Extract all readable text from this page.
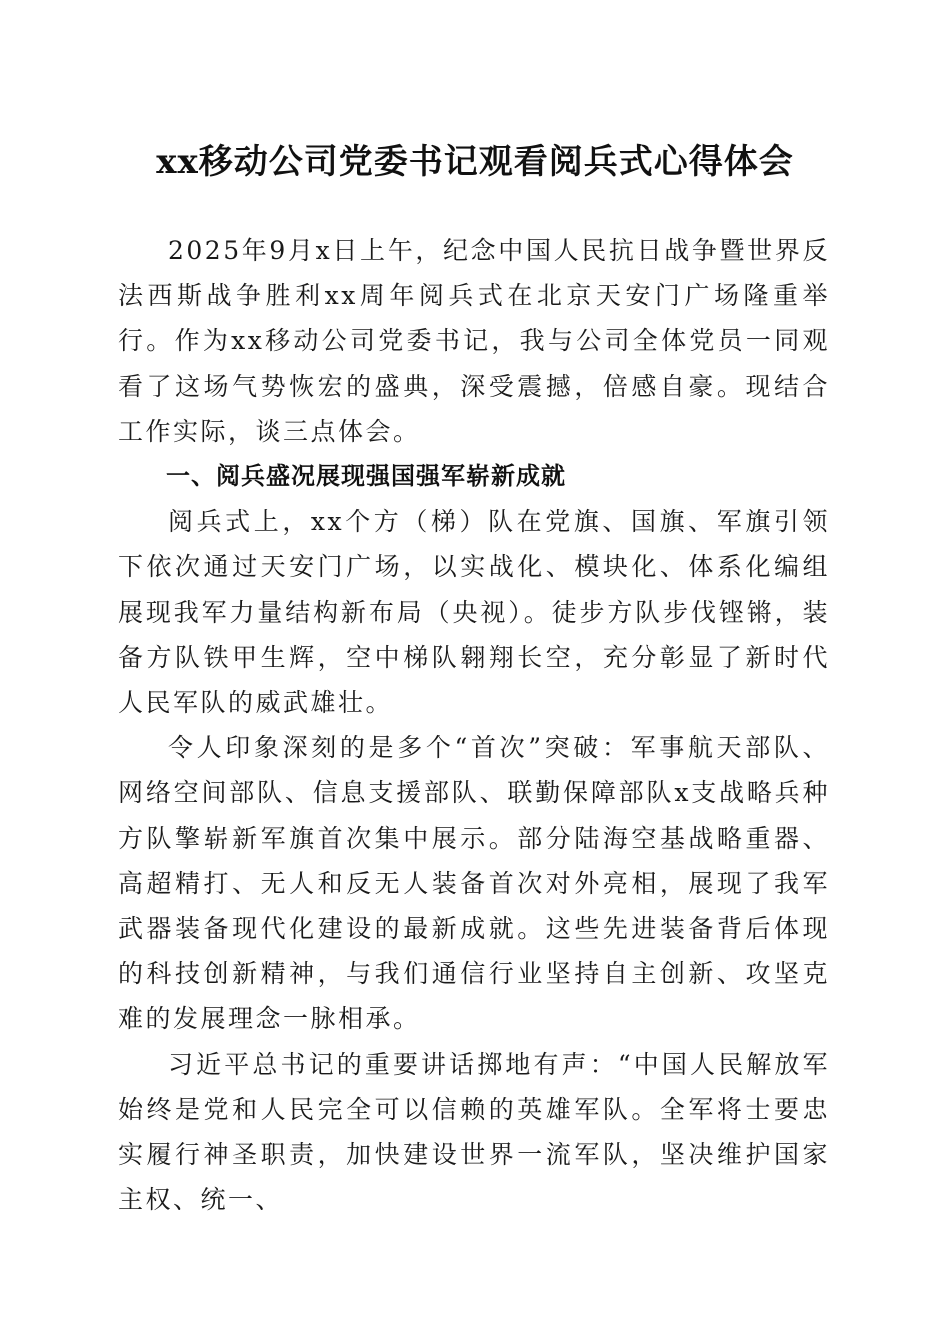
xx移动公司党委书记观看阅兵式心得体会

2025年9月x日上午，纪念中国人民抗日战争暨世界反法西斯战争胜利xx周年阅兵式在北京天安门广场隆重举行。作为xx移动公司党委书记，我与公司全体党员一同观看了这场气势恢宏的盛典，深受震撼，倍感自豪。现结合工作实际，谈三点体会。

一、阅兵盛况展现强国强军崭新成就

阅兵式上，xx个方（梯）队在党旗、国旗、军旗引领下依次通过天安门广场，以实战化、模块化、体系化编组展现我军力量结构新布局（央视）。徒步方队步伐铿锵，装备方队铁甲生辉，空中梯队翱翔长空，充分彰显了新时代人民军队的威武雄壮。

令人印象深刻的是多个“首次”突破：军事航天部队、网络空间部队、信息支援部队、联勤保障部队x支战略兵种方队擎崭新军旗首次集中展示。部分陆海空基战略重器、高超精打、无人和反无人装备首次对外亮相，展现了我军武器装备现代化建设的最新成就。这些先进装备背后体现的科技创新精神，与我们通信行业坚持自主创新、攻坚克难的发展理念一脉相承。

习近平总书记的重要讲话掷地有声：“中国人民解放军始终是党和人民完全可以信赖的英雄军队。全军将士要忠实履行神圣职责，加快建设世界一流军队，坚决维护国家主权、统一、
